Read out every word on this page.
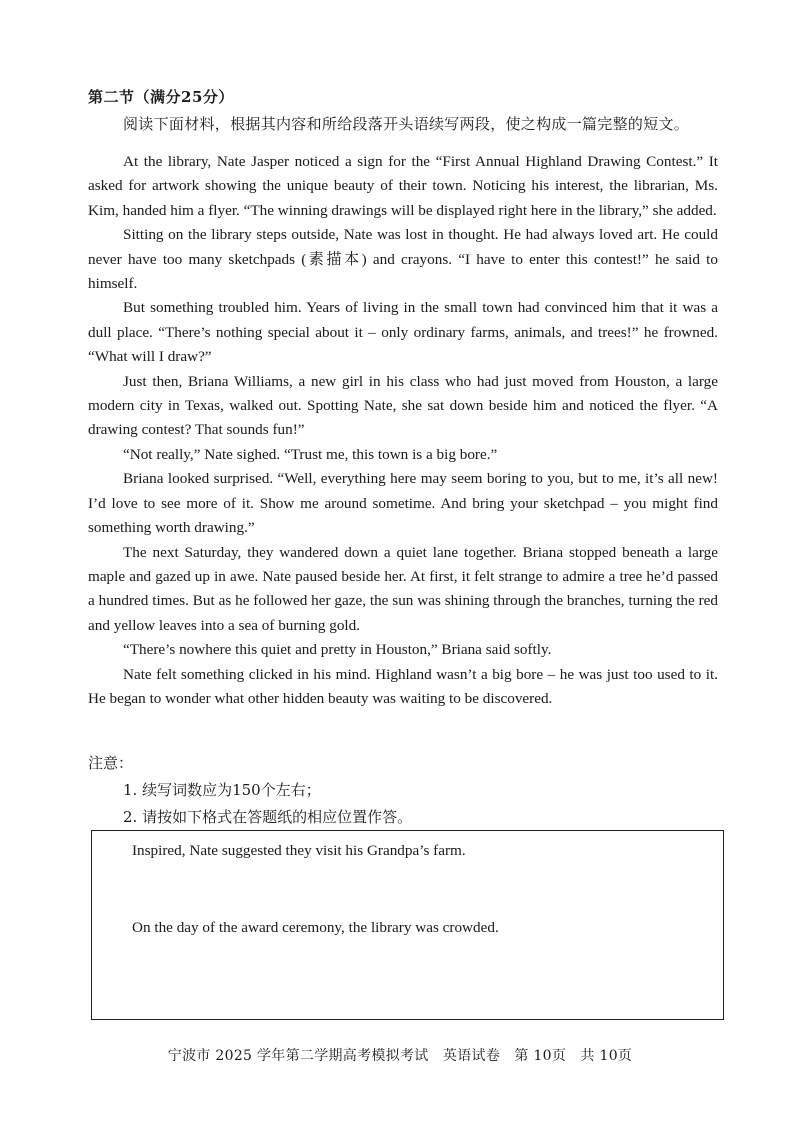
第二节（满分25分）
阅读下面材料，根据其内容和所给段落开头语续写两段，使之构成一篇完整的短文。

At the library, Nate Jasper noticed a sign for the “First Annual Highland Drawing Contest.” It asked for artwork showing the unique beauty of their town. Noticing his interest, the librarian, Ms. Kim, handed him a flyer. “The winning drawings will be displayed right here in the library,” she added.

Sitting on the library steps outside, Nate was lost in thought. He had always loved art. He could never have too many sketchpads (素描本) and crayons. “I have to enter this contest!” he said to himself.

But something troubled him. Years of living in the small town had convinced him that it was a dull place. “There’s nothing special about it – only ordinary farms, animals, and trees!” he frowned. “What will I draw?”

Just then, Briana Williams, a new girl in his class who had just moved from Houston, a large modern city in Texas, walked out. Spotting Nate, she sat down beside him and noticed the flyer. “A drawing contest? That sounds fun!”

“Not really,” Nate sighed. “Trust me, this town is a big bore.”

Briana looked surprised. “Well, everything here may seem boring to you, but to me, it’s all new! I’d love to see more of it. Show me around sometime. And bring your sketchpad – you might find something worth drawing.”

The next Saturday, they wandered down a quiet lane together. Briana stopped beneath a large maple and gazed up in awe. Nate paused beside her. At first, it felt strange to admire a tree he’d passed a hundred times. But as he followed her gaze, the sun was shining through the branches, turning the red and yellow leaves into a sea of burning gold.

“There’s nowhere this quiet and pretty in Houston,” Briana said softly.

Nate felt something clicked in his mind. Highland wasn’t a big bore – he was just too used to it. He began to wonder what other hidden beauty was waiting to be discovered.

注意：
1. 续写词数应为150个左右；
2. 请按如下格式在答题纸的相应位置作答。
Inspired, Nate suggested they visit his Grandpa’s farm.
On the day of the award ceremony, the library was crowded.
宁波市 2025 学年第二学期高考模拟考试　英语试卷　第 10页　共 10页
